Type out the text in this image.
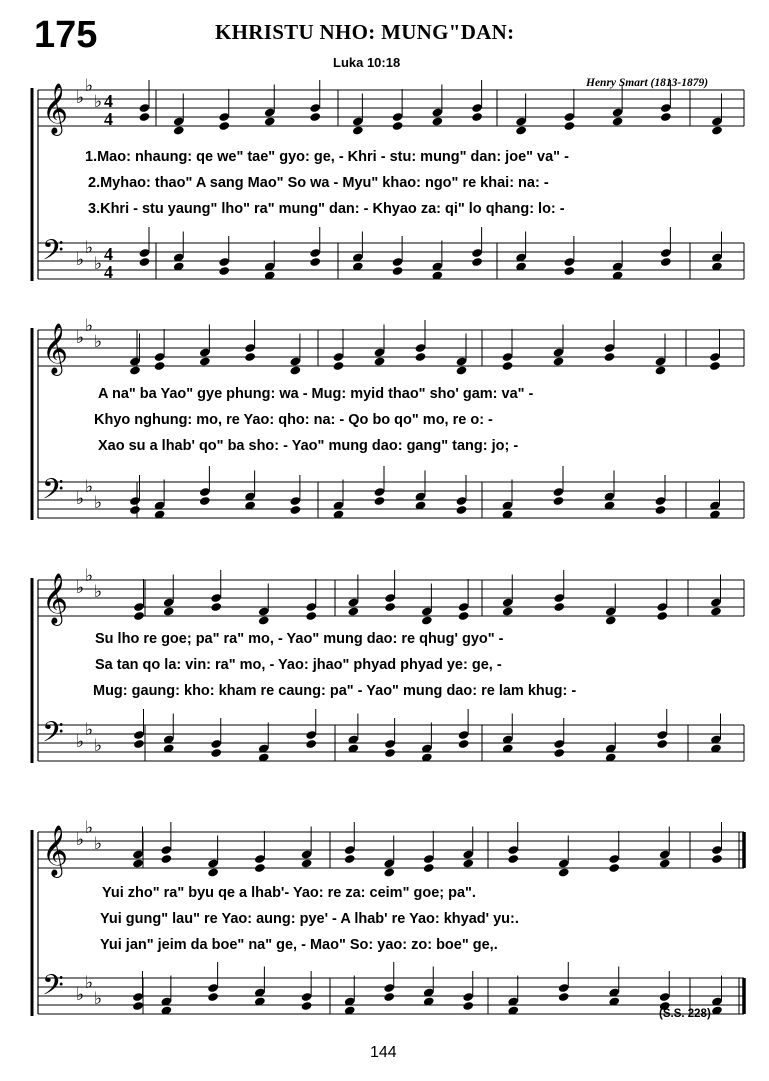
175	KHRISTU NHO: MUNG"DAN:
Luka 10:18
Henry Smart (1813-1879)
𝄞 ♭
♭
♭ 4
4
𝄢 ♭
♭
♭ 4
4
𝄞 ♭
♭
♭
𝄢 ♭
♭
♭
𝄞 ♭
♭
♭
𝄢 ♭
♭
♭
𝄞 ♭
♭
♭
𝄢 ♭
♭
♭
1.Mao: nhaung: qe we" tae" gyo: ge, - Khri - stu: mung" dan: joe" va" -
2.Myhao: thao" A sang Mao" So wa - Myu" khao: ngo" re khai: na: -
3.Khri - stu yaung" lho" ra" mung" dan: - Khyao za: qi" lo qhang: lo: -
A na" ba Yao" gye phung: wa - Mug: myid thao" sho' gam: va" -
Khyo nghung: mo, re Yao: qho: na: - Qo bo qo" mo, re o: -
Xao su a lhab' qo" ba sho: - Yao" mung dao: gang" tang: jo; -
Su lho re goe; pa" ra" mo, - Yao" mung dao: re qhug' gyo" -
Sa tan qo la: vin: ra" mo, - Yao: jhao" phyad phyad ye: ge, -
Mug: gaung: kho: kham re caung: pa" - Yao" mung dao: re lam khug: -
Yui zho" ra" byu qe a lhab'- Yao: re za: ceim" goe; pa".
Yui gung" lau" re Yao: aung: pye' - A lhab' re Yao: khyad' yu:.
Yui jan" jeim da boe" na" ge, - Mao" So: yao: zo: boe" ge,.
(S.S. 228)
144
